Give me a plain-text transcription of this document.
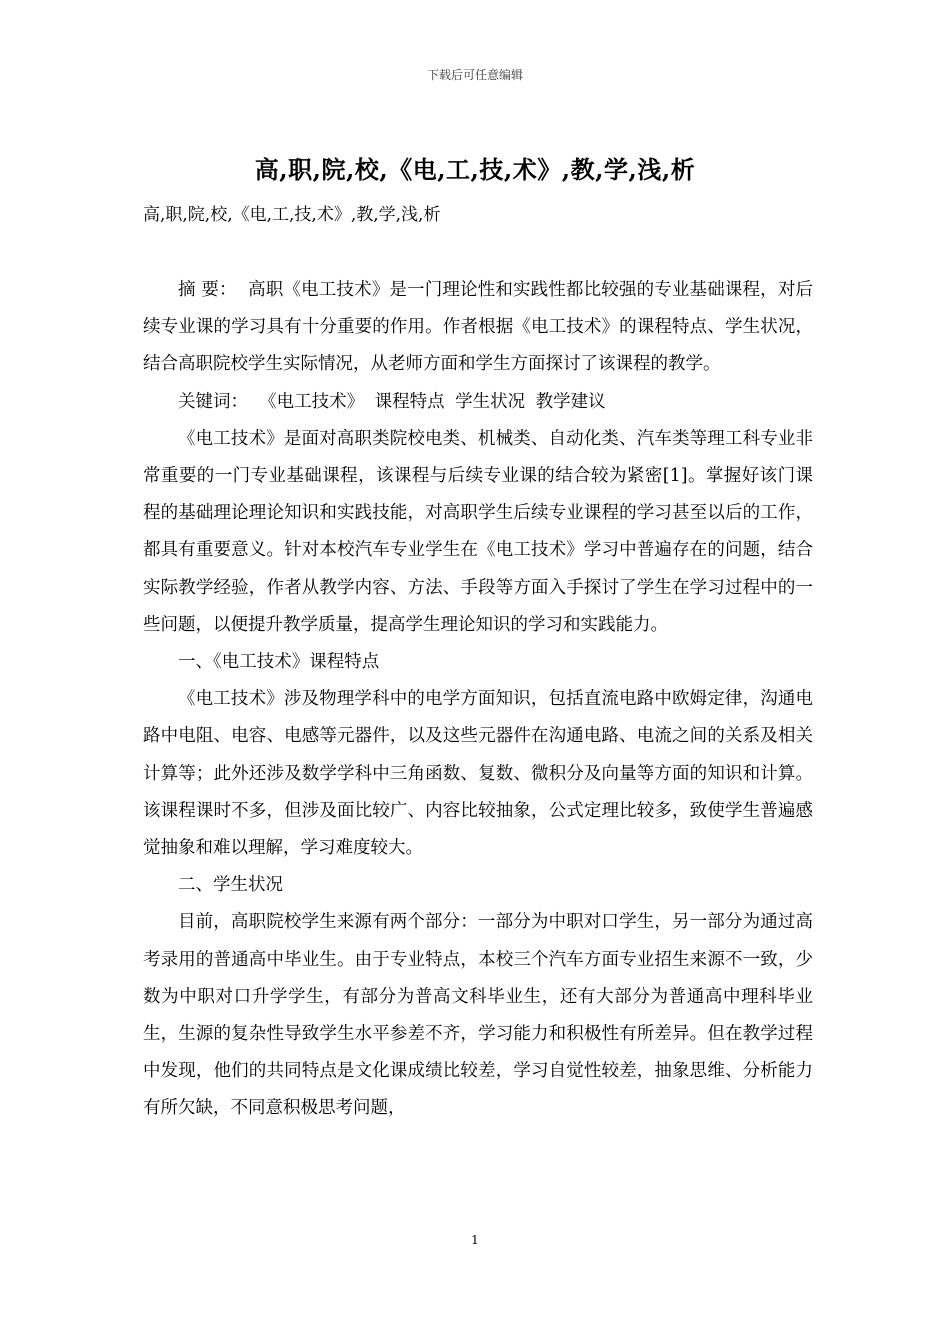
下载后可任意编辑
高,职,院,校,《电,工,技,术》,教,学,浅,析
高,职,院,校,《电,工,技,术》,教,学,浅,析

摘 要： 高职《电工技术》是一门理论性和实践性都比较强的专业基础课程，对后续专业课的学习具有十分重要的作用。作者根据《电工技术》的课程特点、学生状况，结合高职院校学生实际情况，从老师方面和学生方面探讨了该课程的教学。

关键词： 《电工技术》 课程特点 学生状况 教学建议

《电工技术》是面对高职类院校电类、机械类、自动化类、汽车类等理工科专业非常重要的一门专业基础课程，该课程与后续专业课的结合较为紧密[1]。掌握好该门课程的基础理论理论知识和实践技能，对高职学生后续专业课程的学习甚至以后的工作，都具有重要意义。针对本校汽车专业学生在《电工技术》学习中普遍存在的问题，结合实际教学经验，作者从教学内容、方法、手段等方面入手探讨了学生在学习过程中的一些问题，以便提升教学质量，提高学生理论知识的学习和实践能力。

一、《电工技术》课程特点

《电工技术》涉及物理学科中的电学方面知识，包括直流电路中欧姆定律，沟通电路中电阻、电容、电感等元器件，以及这些元器件在沟通电路、电流之间的关系及相关计算等；此外还涉及数学学科中三角函数、复数、微积分及向量等方面的知识和计算。该课程课时不多，但涉及面比较广、内容比较抽象，公式定理比较多，致使学生普遍感觉抽象和难以理解，学习难度较大。

二、学生状况

目前，高职院校学生来源有两个部分：一部分为中职对口学生，另一部分为通过高考录用的普通高中毕业生。由于专业特点，本校三个汽车方面专业招生来源不一致，少数为中职对口升学学生，有部分为普高文科毕业生，还有大部分为普通高中理科毕业生，生源的复杂性导致学生水平参差不齐，学习能力和积极性有所差异。但在教学过程中发现，他们的共同特点是文化课成绩比较差，学习自觉性较差，抽象思维、分析能力有所欠缺，不同意积极思考问题，

1
